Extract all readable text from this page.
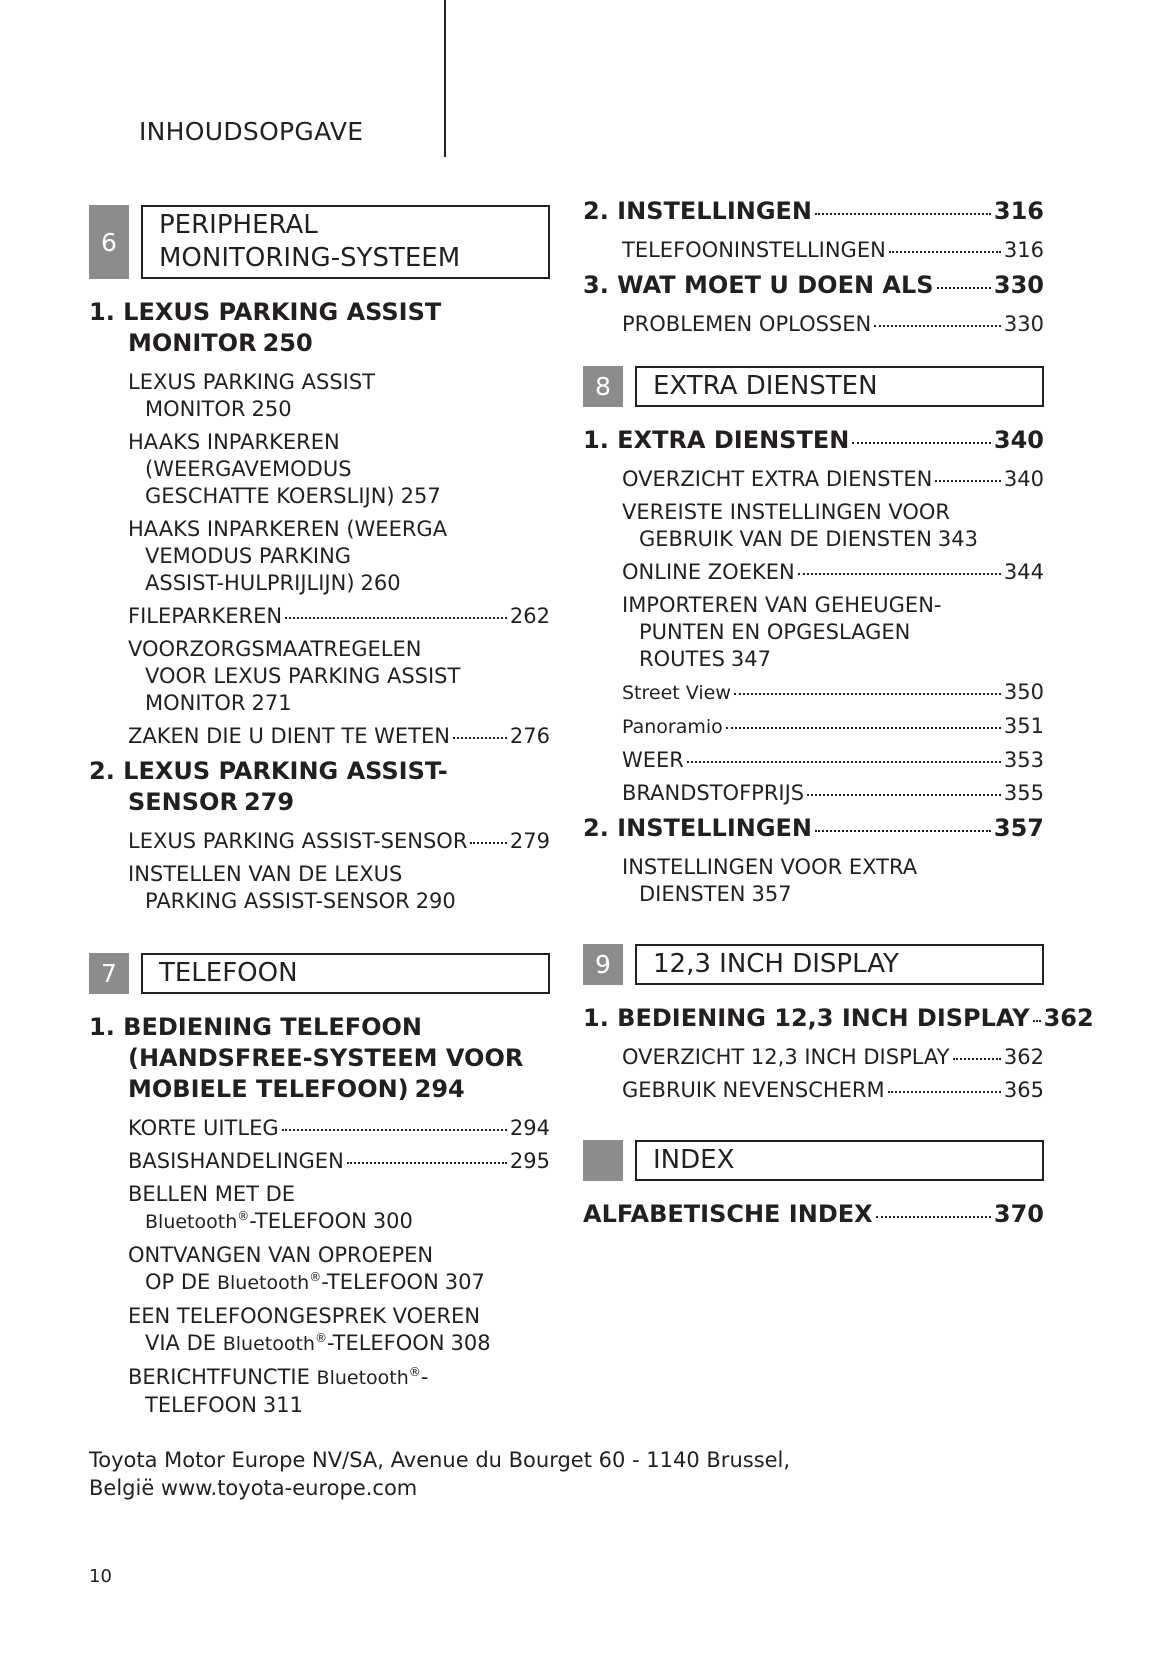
INHOUDSOPGAVE
6
PERIPHERAL
MONITORING-SYSTEEM
1. LEXUS PARKING ASSIST
MONITOR 250
LEXUS PARKING ASSIST
MONITOR 250
HAAKS INPARKEREN
(WEERGAVEMODUS
GESCHATTE KOERSLIJN) 257
HAAKS INPARKEREN (WEERGA
VEMODUS PARKING
ASSIST-HULPRIJLIJN) 260
FILEPARKEREN	262
VOORZORGSMAATREGELEN
VOOR LEXUS PARKING ASSIST
MONITOR 271
ZAKEN DIE U DIENT TE WETEN	276
2. LEXUS PARKING ASSIST-
SENSOR 279
LEXUS PARKING ASSIST-SENSOR 279
INSTELLEN VAN DE LEXUS
PARKING ASSIST-SENSOR 290
7	TELEFOON
1. BEDIENING TELEFOON
(HANDSFREE-SYSTEEM VOOR
MOBIELE TELEFOON) 294
KORTE UITLEG	294
BASISHANDELINGEN	295
BELLEN MET DE
Bluetooth®-TELEFOON 300
ONTVANGEN VAN OPROEPEN
OP DE Bluetooth®-TELEFOON 307
EEN TELEFOONGESPREK VOEREN
VIA DE Bluetooth®-TELEFOON 308
BERICHTFUNCTIE Bluetooth®-
TELEFOON 311
2. INSTELLINGEN	316
TELEFOONINSTELLINGEN	316
3. WAT MOET U DOEN ALS	330
PROBLEMEN OPLOSSEN	330
8	EXTRA DIENSTEN
1. EXTRA DIENSTEN	340
OVERZICHT EXTRA DIENSTEN	340
VEREISTE INSTELLINGEN VOOR
GEBRUIK VAN DE DIENSTEN 343
ONLINE ZOEKEN	344
IMPORTEREN VAN GEHEUGEN-
PUNTEN EN OPGESLAGEN
ROUTES 347
Street View	350
Panoramio	351
WEER	353
BRANDSTOFPRIJS	355
2. INSTELLINGEN	357
INSTELLINGEN VOOR EXTRA
DIENSTEN 357
9	12,3 INCH DISPLAY
1. BEDIENING 12,3 INCH DISPLAY 362
OVERZICHT 12,3 INCH DISPLAY	362
GEBRUIK NEVENSCHERM	365
INDEX
ALFABETISCHE INDEX	370
Toyota Motor Europe NV/SA, Avenue du Bourget 60 - 1140 Brussel,
België www.toyota-europe.com
10
